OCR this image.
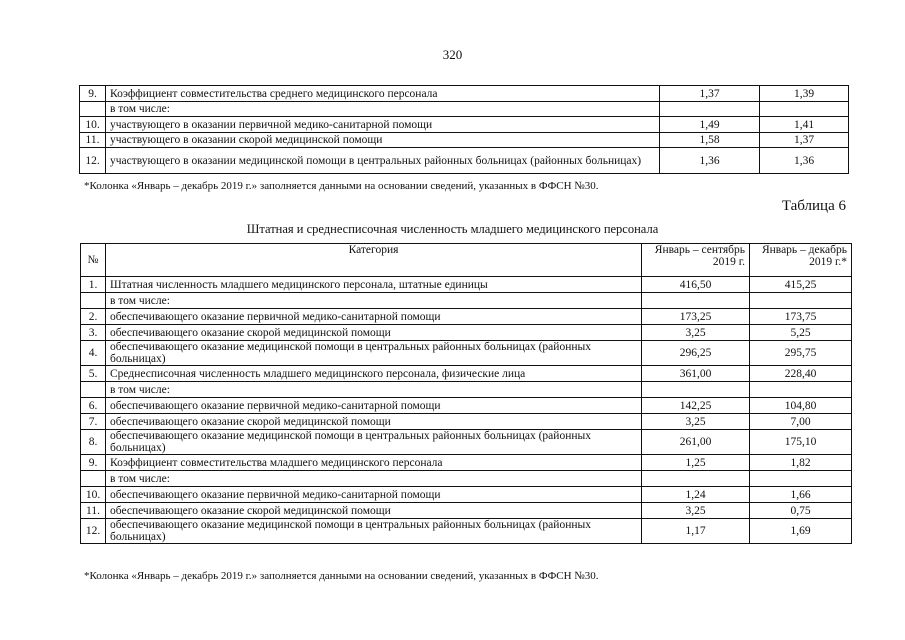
320
9.	Коэффициент совместительства среднего медицинского персонала	1,37	1,39
	в том числе:		
10.	участвующего в оказании первичной медико-санитарной помощи	1,49	1,41
11.	участвующего в оказании скорой медицинской помощи	1,58	1,37
12.	участвующего в оказании медицинской помощи в центральных районных больницах (районных больницах)	1,36	1,36
*Колонка «Январь – декабрь 2019 г.» заполняется данными на основании сведений, указанных в ФФСН №30.
Таблица 6
Штатная и среднесписочная численность младшего медицинского персонала
№	Категория	Январь – сентябрь 2019 г.	Январь – декабрь 2019 г.*
1.	Штатная численность младшего медицинского персонала, штатные единицы	416,50	415,25
	в том числе:		
2.	обеспечивающего оказание первичной медико-санитарной помощи	173,25	173,75
3.	обеспечивающего оказание скорой медицинской помощи	3,25	5,25
4.	обеспечивающего оказание медицинской помощи в центральных районных больницах (районных больницах)	296,25	295,75
5.	Среднесписочная численность младшего медицинского персонала, физические лица	361,00	228,40
	в том числе:		
6.	обеспечивающего оказание первичной медико-санитарной помощи	142,25	104,80
7.	обеспечивающего оказание скорой медицинской помощи	3,25	7,00
8.	обеспечивающего оказание медицинской помощи в центральных районных больницах (районных больницах)	261,00	175,10
9.	Коэффициент совместительства младшего медицинского персонала	1,25	1,82
	в том числе:		
10.	обеспечивающего оказание первичной медико-санитарной помощи	1,24	1,66
11.	обеспечивающего оказание скорой медицинской помощи	3,25	0,75
12.	обеспечивающего оказание медицинской помощи в центральных районных больницах (районных больницах)	1,17	1,69
*Колонка «Январь – декабрь 2019 г.» заполняется данными на основании сведений, указанных в ФФСН №30.
